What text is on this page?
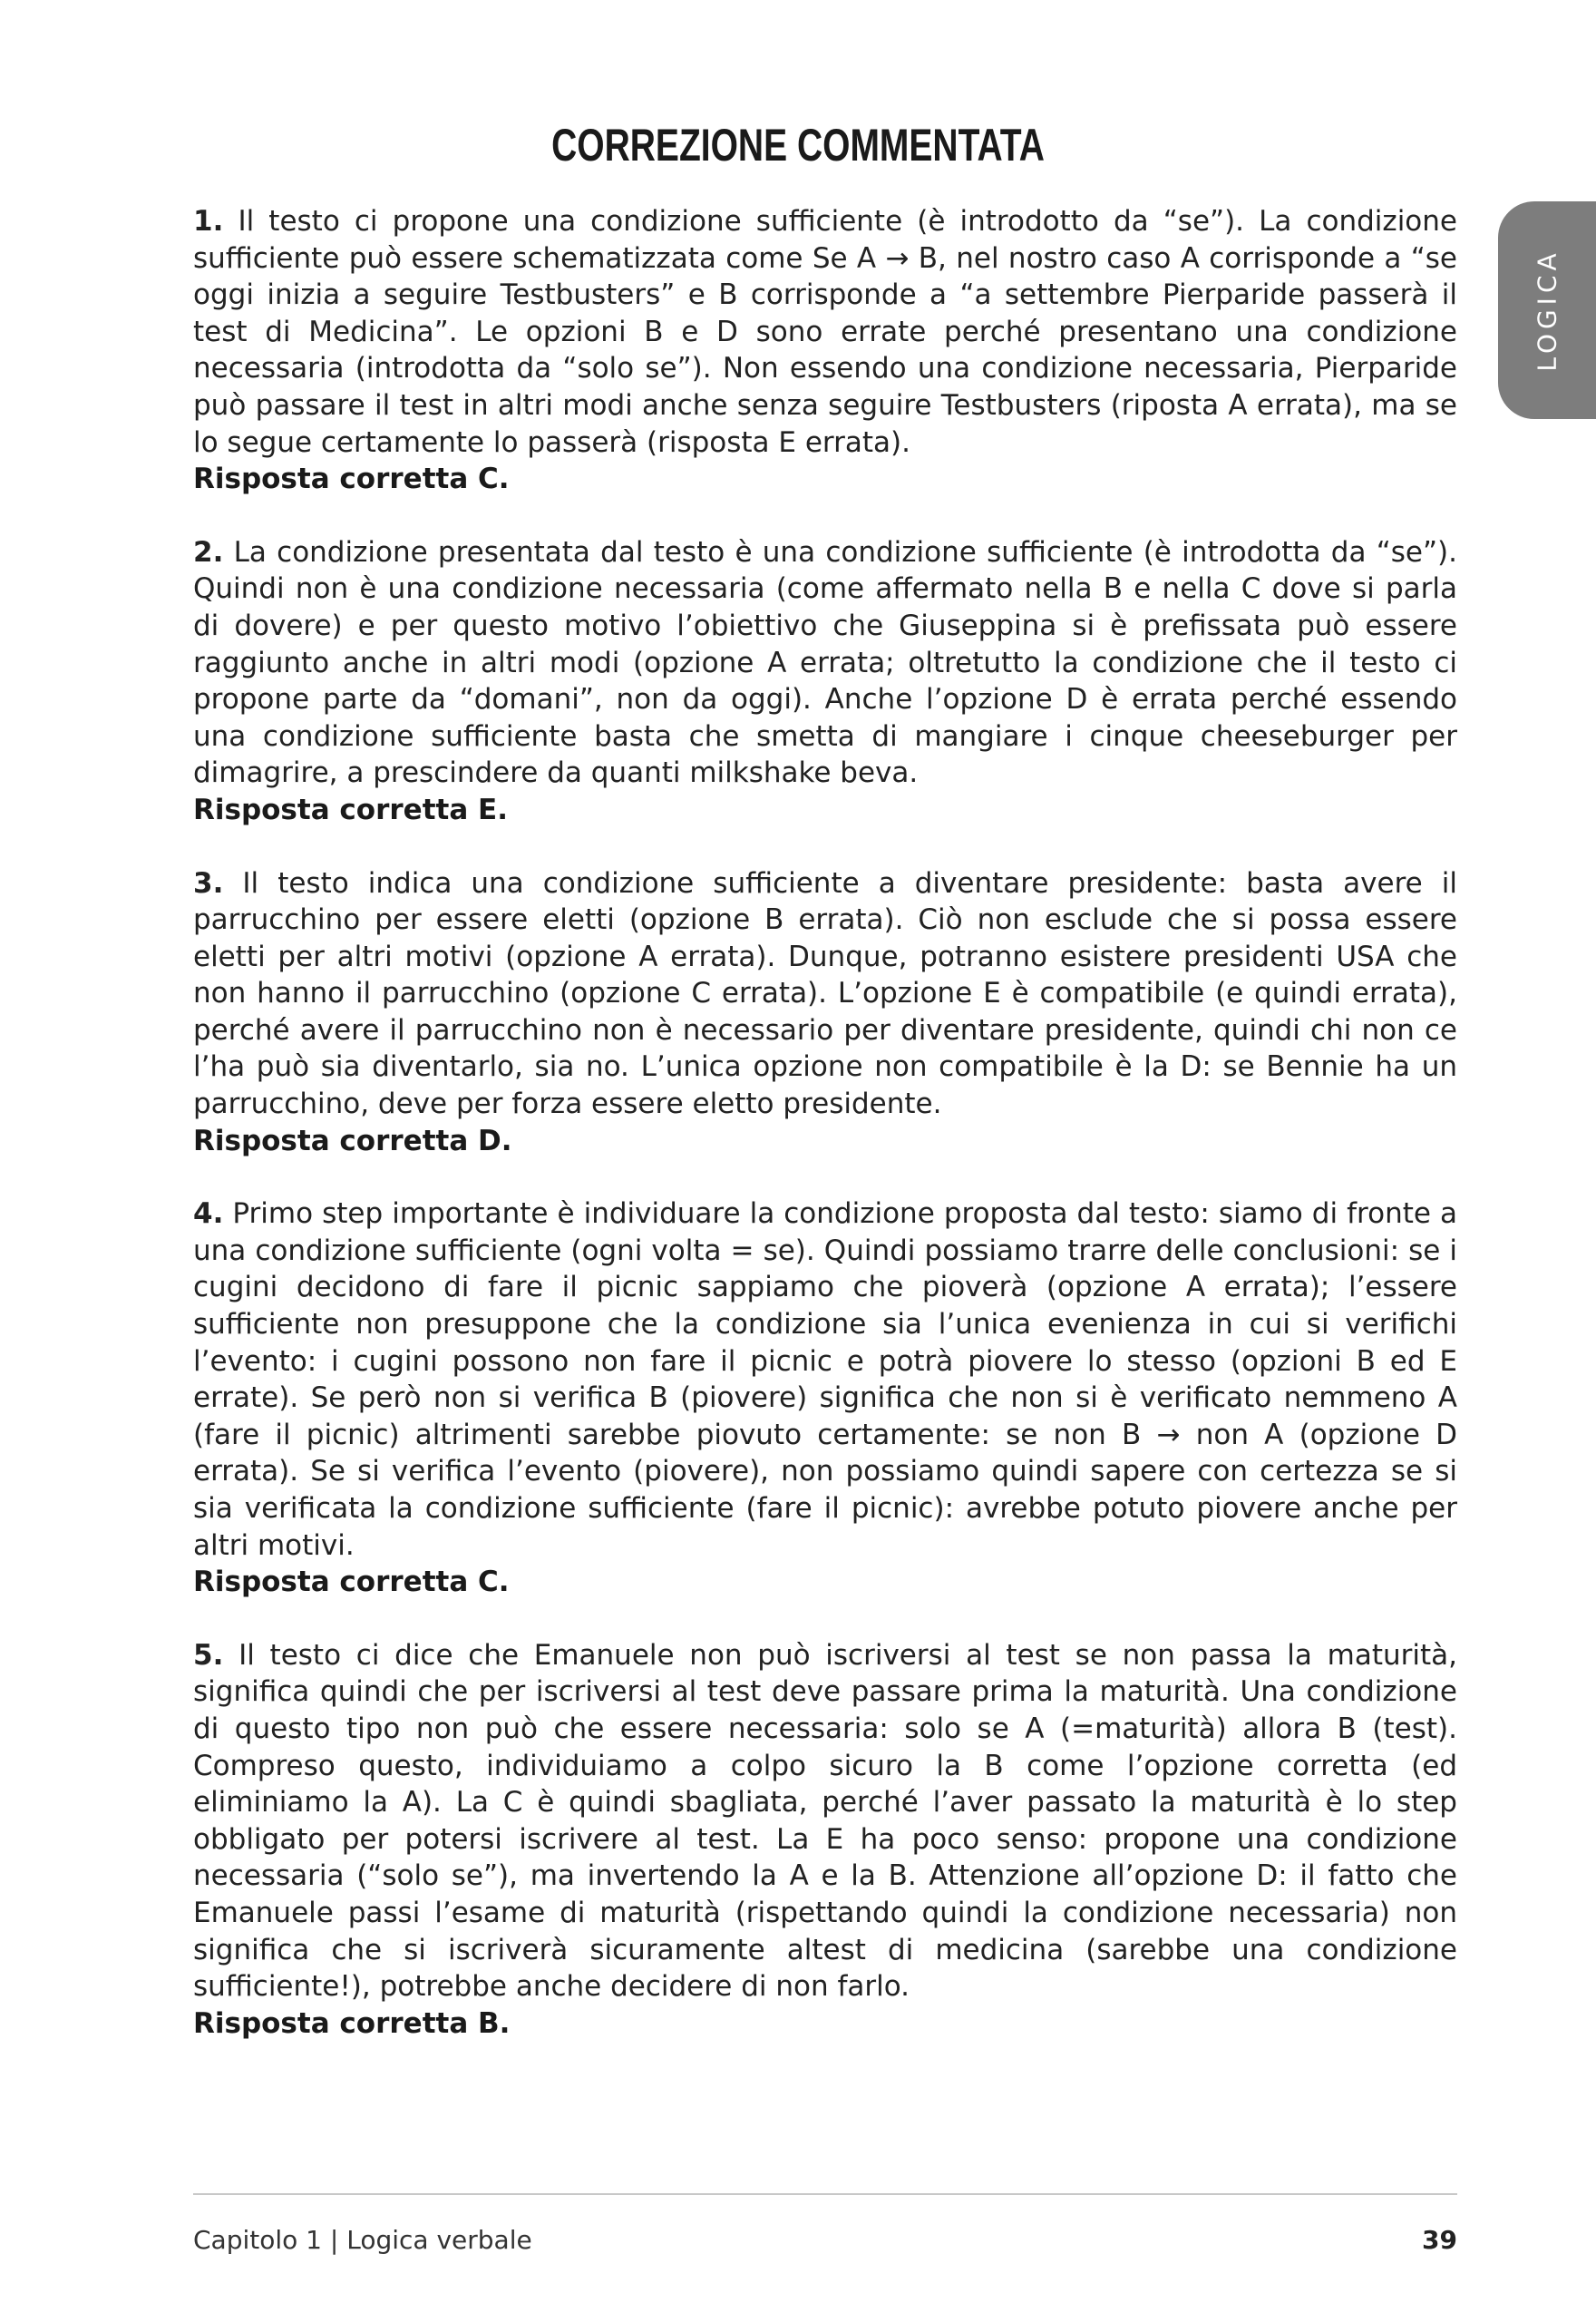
CORREZIONE COMMENTATA
LOGICA

1. Il testo ci propone una condizione sufficiente (è introdotto da “se”). La condizione sufficiente può essere schematizzata come Se A → B, nel nostro caso A corrisponde a “se oggi inizia a seguire Testbusters” e B corrisponde a “a settembre Pierparide passerà il test di Medicina”. Le opzioni B e D sono errate perché presentano una condizione necessaria (introdotta da “solo se”). Non essendo una condizione necessaria, Pierparide può passare il test in altri modi anche senza seguire Testbusters (riposta A errata), ma se lo segue certamente lo passerà (risposta E errata).

Risposta corretta C.

2. La condizione presentata dal testo è una condizione sufficiente (è introdotta da “se”). Quindi non è una condizione necessaria (come affermato nella B e nella C dove si parla di dovere) e per questo motivo l’obiettivo che Giuseppina si è prefissata può essere raggiunto anche in altri modi (opzione A errata; oltretutto la condizione che il testo ci propone parte da “domani”, non da oggi). Anche l’opzione D è errata perché essendo una condizione sufficiente basta che smetta di mangiare i cinque cheeseburger per dimagrire, a prescindere da quanti milkshake beva.

Risposta corretta E.

3. Il testo indica una condizione sufficiente a diventare presidente: basta avere il parrucchino per essere eletti (opzione B errata). Ciò non esclude che si possa essere eletti per altri motivi (opzione A errata). Dunque, potranno esistere presidenti USA che non hanno il parrucchino (opzione C errata). L’opzione E è compatibile (e quindi errata), perché avere il parrucchino non è necessario per diventare presidente, quindi chi non ce l’ha può sia diventarlo, sia no. L’unica opzione non compatibile è la D: se Bennie ha un parrucchino, deve per forza essere eletto presidente.

Risposta corretta D.

4. Primo step importante è individuare la condizione proposta dal testo: siamo di fronte a una condizione sufficiente (ogni volta = se). Quindi possiamo trarre delle conclusioni: se i cugini decidono di fare il picnic sappiamo che pioverà (opzione A errata); l’essere sufficiente non presuppone che la condizione sia l’unica evenienza in cui si verifichi l’evento: i cugini possono non fare il picnic e potrà piovere lo stesso (opzioni B ed E errate). Se però non si verifica B (piovere) significa che non si è verificato nemmeno A (fare il picnic) altrimenti sarebbe piovuto certamente: se non B → non A (opzione D errata). Se si verifica l’evento (piovere), non possiamo quindi sapere con certezza se si sia verificata la condizione sufficiente (fare il picnic): avrebbe potuto piovere anche per altri motivi.

Risposta corretta C.

5. Il testo ci dice che Emanuele non può iscriversi al test se non passa la maturità, significa quindi che per iscriversi al test deve passare prima la maturità. Una condizione di questo tipo non può che essere necessaria: solo se A (=maturità) allora B (test). Compreso questo, individuiamo a colpo sicuro la B come l’opzione corretta (ed eliminiamo la A). La C è quindi sbagliata, perché l’aver passato la maturità è lo step obbligato per potersi iscrivere al test. La E ha poco senso: propone una condizione necessaria (“solo se”), ma invertendo la A e la B. Attenzione all’opzione D: il fatto che Emanuele passi l’esame di maturità (rispettando quindi la condizione necessaria) non significa che si iscriverà sicuramente altest di medicina (sarebbe una condizione sufficiente!), potrebbe anche decidere di non farlo.

Risposta corretta B.

Capitolo 1 | Logica verbale	39
